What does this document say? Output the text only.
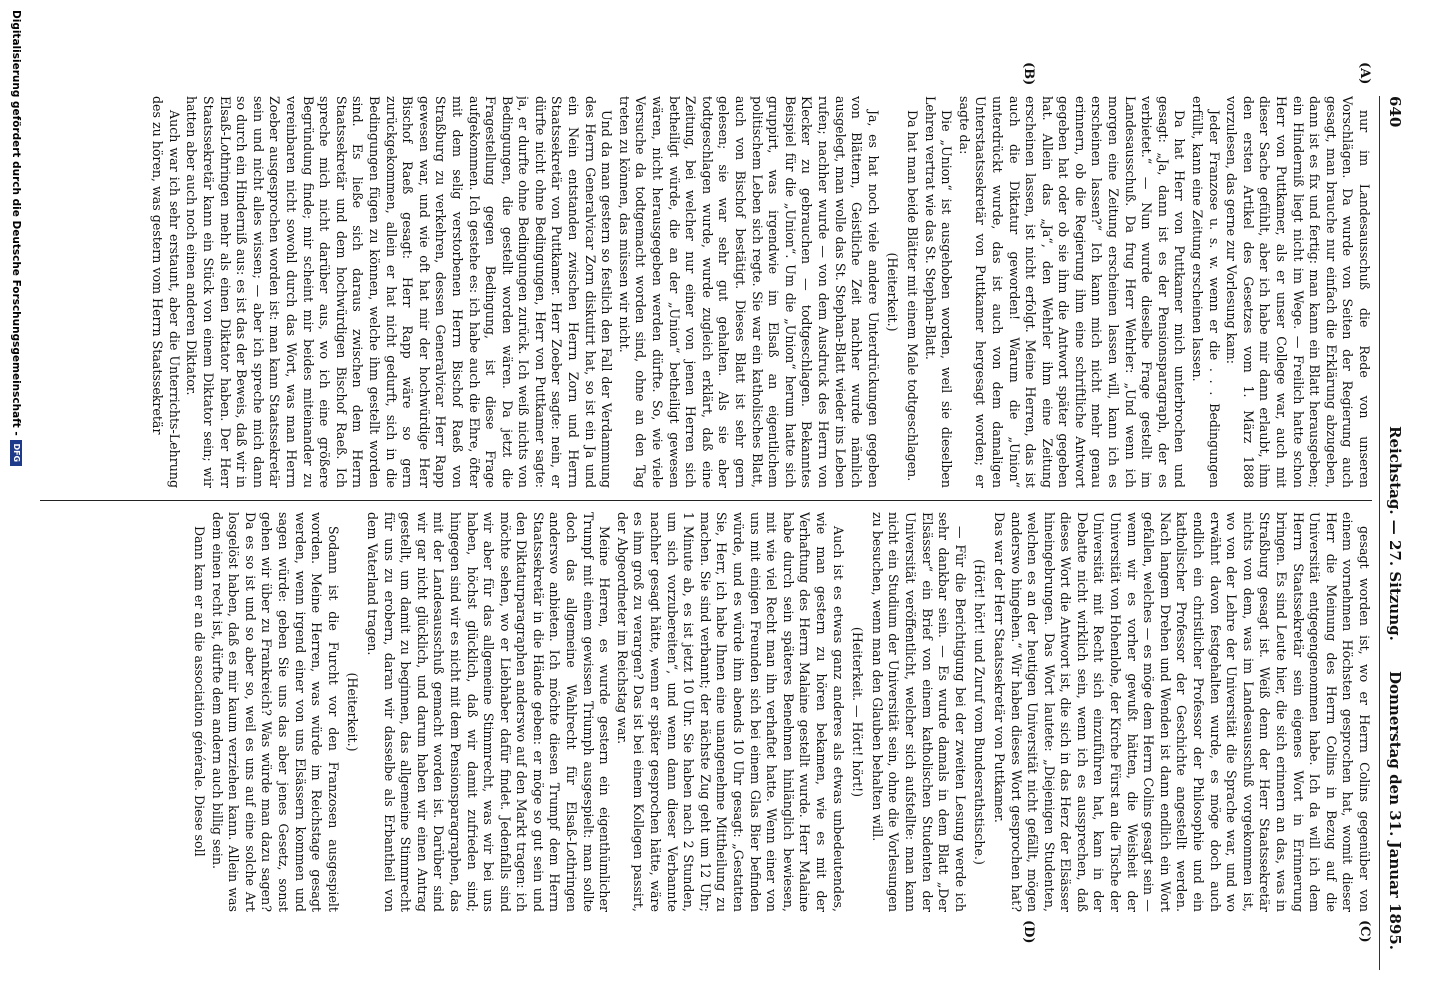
640
Reichstag. — 27. Sitzung.
Donnerstag den 31. Januar 1895.
(A)
(B)
(C)
(D)

nur im Landesausschuß die Rede von unseren Vorschlägen. Da wurde von Seiten der Regierung auch gesagt, man brauche nur einfach die Erklärung abzugeben, dann ist es fix und fertig: man kann ein Blatt herausgeben; ein Hinderniß liegt nicht im Wege. — Freilich hatte schon Herr von Puttkamer, als er unser College war, auch mit dieser Sache gefühlt, aber ich habe mir dann erlaubt, ihm den ersten Artikel des Gesetzes vom 1. März 1888 vorzulesen, das gerne zur Vorlesung kam:

Jeder Franzose u. s. w. wenn er die . . . Bedingungen erfüllt, kann eine Zeitung erscheinen lassen.

Da hat Herr von Puttkamer mich unterbrochen und gesagt: „Ja, dann ist es der Pensionsparagraph, der es verbietet.“ — Nun wurde dieselbe Frage gestellt im Landesausschuß. Da frug Herr Wehrler: „Und wenn ich morgen eine Zeitung erscheinen lassen will, kann ich es erscheinen lassen?“ Ich kann mich nicht mehr genau erinnern, ob die Regierung ihm eine schriftliche Antwort gegeben hat oder ob sie ihm die Antwort später gegeben hat. Allein das „Ja“, den Wehrler ihm eine Zeitung erscheinen lassen, ist nicht erfolgt. Meine Herren, das ist auch die Diktatur geworden! Warum die „Union“ unterdrückt wurde, das ist auch von dem damaligen Unterstaatssekretär von Puttkamer hergesagt worden; er sagte da:

Die „Union“ ist ausgehoben worden, weil sie dieselben Lehren vertrat wie das St. Stephan-Blatt.

Da hat man beide Blätter mit einem Male todtgeschlagen.

(Heiterkeit.)

Ja, es hat noch viele andere Unterdrückungen gegeben von Blättern, Geistliche Zeit nachher wurde nämlich ausgelegt, man wolle das St. Stephan-Blatt wieder ins Leben rufen; nachher wurde — von dem Ausdruck des Herrn von Klecker zu gebrauchen — todtgeschlagen. Bekanntes Beispiel für die „Union“. Um die „Union“ herum hatte sich gruppirt, was irgendwie im Elsaß an eigentlichem politischem Leben sich regte. Sie war ein katholisches Blatt, auch von Bischof bestätigt. Dieses Blatt ist sehr gern gelesen; sie war sehr gut gehalten. Als sie aber todtgeschlagen wurde, wurde zugleich erklärt, daß eine Zeitung, bei welcher nur einer von jenen Herren sich betheiligt würde, die an der „Union“ betheiligt gewesen wären, nicht herausgegeben werden dürfte. So, wie viele Versuche da todtgemacht worden sind, ohne an den Tag treten zu können, das müssen wir nicht.

Und da man gestern so festlich den Fall der Verdammung des Herrn Generalvicar Zorn diskutirt hat, so ist ein Ja und ein Nein entstanden zwischen Herrn Zorn und Herrn Staatssekretär von Puttkamer. Herr Zoeber sagte: nein, er dürfte nicht ohne Bedingungen, Herr von Puttkamer sagte: ja, er durfte ohne Bedingungen zurück. Ich weiß nichts von Bedingungen, die gestellt worden wären. Da jetzt die Fragestellung gegen Bedingung, ist diese Frage aufgekommen. Ich gestehe es: ich habe auch die Ehre, öfter mit dem selig verstorbenen Herrn Bischof Raeß von Straßburg zu verkehren, dessen Generalvicar Herr Rapp gewesen war, und wie oft hat mir der hochwürdige Herr Bischof Raeß gesagt: Herr Rapp wäre so gern zurückgekommen, allein er hat nicht gedurft, sich in die Bedingungen fügen zu können, welche ihm gestellt worden sind. Es ließe sich daraus zwischen dem Herrn Staatssekretär und dem hochwürdigen Bischof Raeß. Ich spreche mich nicht darüber aus, wo ich eine größere Begründung finde; mir scheint mir beides miteinander zu vereinbaren nicht sowohl durch das Wort, was man Herrn Zoeber ausgesprochen worden ist: man kann Staatssekretär sein und nicht alles wissen; — aber ich spreche mich dann so durch ein Hinderniß aus: es ist das der Beweis, daß wir in Elsaß-Lothringen mehr als einen Diktator haben. Der Herr Staatssekretär kann ein Stück von einem Diktator sein; wir hatten aber auch noch einen anderen Diktator.

Auch war ich sehr erstaunt, aber die Unterrichts-Lehrung des zu hören, was gestern vom Herrn Staatssekretär

gesagt worden ist, wo er Herrn Colins gegenüber von einem vornehmen Höchsten gesprochen hat, womit dieser Herr die Meinung des Herrn Colins in Bezug auf die Universität entgegengenommen habe. Ich da will ich dem Herrn Staatssekretär sein eigenes Wort in Erinnerung bringen. Es sind Leute hier, die sich erinnern an das, was in Straßburg gesagt ist. Weiß denn der Herr Staatssekretär nichts von dem, was im Landesausschuß vorgekommen ist, wo von der Lehre der Universität die Sprache war, und wo erwähnt davon festgehalten wurde, es möge doch auch endlich ein christlicher Professor der Philosophie und ein katholischer Professor der Geschichte angestellt werden. Nach langem Drehen und Wenden ist dann endlich ein Wort gefallen, welches — es möge dem Herrn Colins gesagt sein — wenn wir es vorher gewußt hätten, die Weisheit der Universität von Hohenlohe, der Kirche Fürst an die Tische der Universität mit Recht sich einzuführen hat, kam in der Debatte nicht wirklich sein, wenn ich es aussprechen, daß dieses Wort die Antwort ist, die sich in das Herz der Elsässer hineingebrungen. Das Wort lautete: „Diejenigen Studenten, welchen es an der heutigen Universität nicht gefällt, mögen anderswo hingehen.“ Wir haben dieses Wort gesprochen hat? Das war der Herr Staatssekretär von Puttkamer.

(Hört! hört! und Zuruf vom Bundesrathstische.)

— Für die Berichtigung bei der zweiten Lesung werde ich sehr dankbar sein. — Es wurde damals in dem Blatt „Der Elsässer“ ein Brief von einem katholischen Studenten der Universität veröffentlicht, welcher sich aufstellte: man kann nicht ein Studium der Universität sein, ohne die Vorlesungen zu besuchen, wenn man den Glauben behalten will.

(Heiterkeit. — Hört! hört!)

Auch ist es etwas ganz anderes als etwas unbedeutendes, wie man gestern zu hören bekamen, wie es mit der Verhaftung des Herrn Malaine gestellt wurde. Herr Malaine habe durch sein späteres Benehmen hinlänglich bewiesen, mit wie viel Recht man ihn verhaftet hatte. Wenn einer von uns mit einigen Freunden sich bei einem Glas Bier befinden würde, und es würde ihm abends 10 Uhr gesagt: „Gestatten Sie, Herr, ich habe Ihnen eine unangenehme Mittheilung zu machen. Sie sind verbannt; der nächste Zug geht um 12 Uhr; 1 Minute ab, es ist jetzt 10 Uhr. Sie haben nach 2 Stunden, um sich vorzubereiten“, und wenn dann dieser Verbannte nachher gesagt hätte, wenn er später gesprochen hätte, wäre es ihm groß zu verargen? Das ist bei einem Kollegen passirt, der Abgeordneter im Reichstag war.

Meine Herren, es wurde gestern ein eigenthümlicher Trumpf mit einem gewissen Triumph ausgespielt: man sollte doch das allgemeine Wahlrecht für Elsaß-Lothringen anderswo anbieten. Ich möchte diesen Trumpf dem Herrn Staatssekretär in die Hände geben: er möge so gut sein und den Diktaturparagraphen anderswo auf den Markt tragen: ich möchte sehen, wo er Liebhaber dafür findet. Jedenfalls sind wir aber für das allgemeine Stimmrecht, was wir bei uns haben, höchst glücklich, daß wir damit zufrieden sind; hingegen sind wir es nicht mit dem Pensionsparagraphen, das mit der Landesausschuß gemacht worden ist. Darüber sind wir gar nicht glücklich, und darum haben wir einen Antrag gestellt, um damit zu beginnen, das allgemeine Stimmrecht für uns zu erobern, daran wir dasselbe als Erbantheil von dem Vaterland tragen.

(Heiterkeit.)

Sodann ist die Furcht vor den Franzosen ausgespielt worden. Meine Herren, was würde im Reichstage gesagt werden, wenn irgend einer von uns Elsässern kommen und sagen würde: geben Sie uns das aber jenes Gesetz, sonst gehen wir über zu Frankreich? Was würde man dazu sagen? Da es so ist und so aber so, weil es uns auf eine solche Art losgelöst haben, daß es mir kaum verziehen kann. Allein was dem einen recht ist, dürfte dem andern auch billig sein.

Dann kam er an die association générale. Diese soll

Digitalisierung gefördert durch die Deutsche Forschungsgemeinschaft -DFG
